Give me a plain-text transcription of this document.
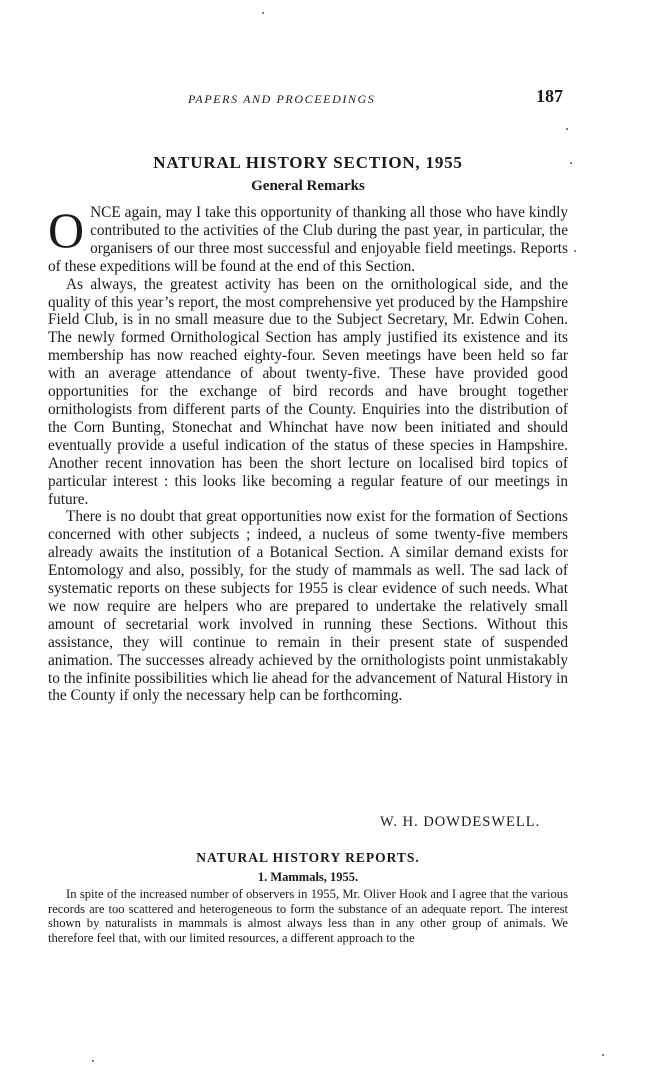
PAPERS AND PROCEEDINGS	187
NATURAL HISTORY SECTION, 1955
General Remarks

ONCE again, may I take this opportunity of thanking all those who have kindly contributed to the activities of the Club during the past year, in particular, the organisers of our three most successful and enjoyable field meetings. Reports of these expeditions will be found at the end of this Section.

As always, the greatest activity has been on the ornithological side, and the quality of this year’s report, the most comprehensive yet produced by the Hampshire Field Club, is in no small measure due to the Subject Secretary, Mr. Edwin Cohen. The newly formed Ornithological Section has amply justified its existence and its membership has now reached eighty-four. Seven meetings have been held so far with an average attendance of about twenty-five. These have provided good opportunities for the exchange of bird records and have brought together ornithologists from different parts of the County. Enquiries into the distribution of the Corn Bunting, Stonechat and Whinchat have now been initiated and should eventually provide a useful indication of the status of these species in Hampshire. Another recent innovation has been the short lecture on localised bird topics of particular interest : this looks like becoming a regular feature of our meetings in future.

There is no doubt that great opportunities now exist for the formation of Sections concerned with other subjects ; indeed, a nucleus of some twenty-five members already awaits the institution of a Botanical Section. A similar demand exists for Entomology and also, possibly, for the study of mammals as well. The sad lack of systematic reports on these subjects for 1955 is clear evidence of such needs. What we now require are helpers who are prepared to undertake the relatively small amount of secretarial work involved in running these Sections. Without this assistance, they will continue to remain in their present state of suspended animation. The successes already achieved by the ornithologists point unmistakably to the infinite possibilities which lie ahead for the advancement of Natural History in the County if only the necessary help can be forthcoming.

W. H. DOWDESWELL.
NATURAL HISTORY REPORTS.
1. Mammals, 1955.

In spite of the increased number of observers in 1955, Mr. Oliver Hook and I agree that the various records are too scattered and heterogeneous to form the substance of an adequate report. The interest shown by naturalists in mammals is almost always less than in any other group of animals. We therefore feel that, with our limited resources, a different approach to the
